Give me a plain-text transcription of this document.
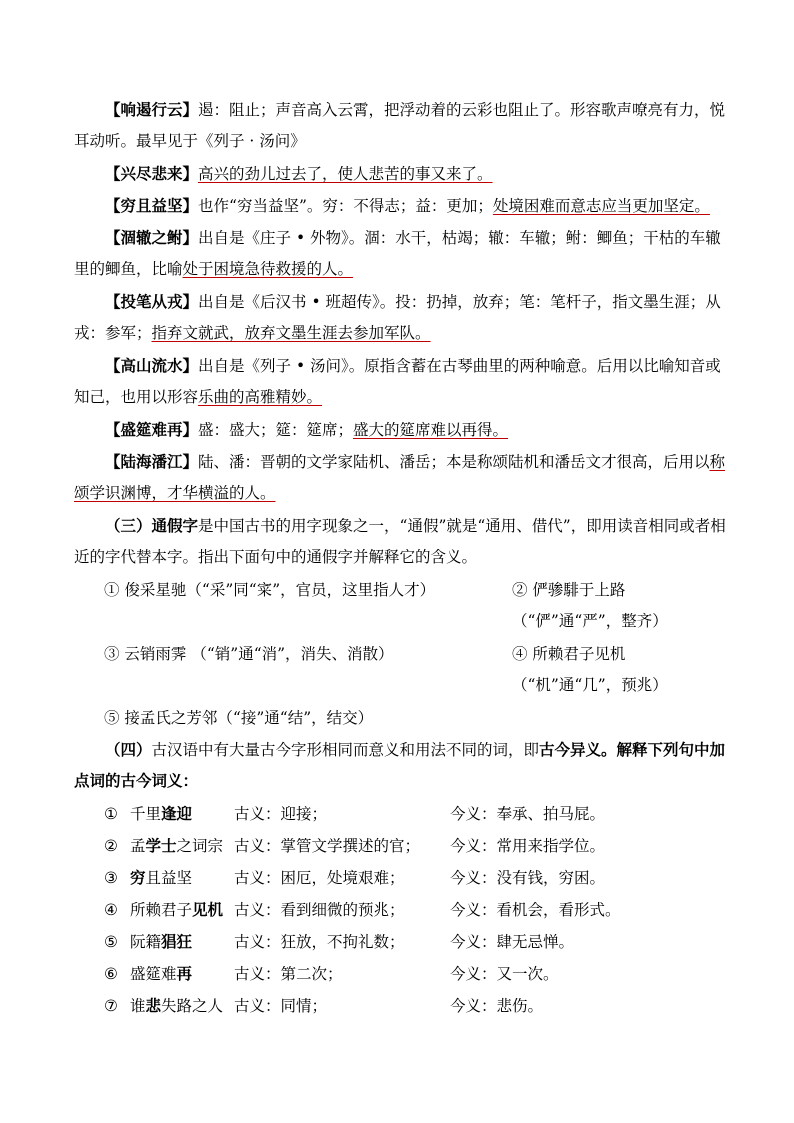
【响遏行云】遏：阻止；声音高入云霄，把浮动着的云彩也阻止了。形容歌声嘹亮有力，悦耳动听。最早见于《列子 · 汤问》
【兴尽悲来】高兴的劲儿过去了，使人悲苦的事又来了。
【穷且益坚】也作“穷当益坚”。穷：不得志；益：更加；处境困难而意志应当更加坚定。
【涸辙之鲋】出自是《庄子 • 外物》。涸：水干，枯竭；辙：车辙；鲋：鲫鱼；干枯的车辙里的鲫鱼，比喻处于困境急待救援的人。
【投笔从戎】出自是《后汉书 • 班超传》。投：扔掉，放弃；笔：笔杆子，指文墨生涯；从戎：参军；指弃文就武，放弃文墨生涯去参加军队。
【高山流水】出自是《列子 • 汤问》。原指含蓄在古琴曲里的两种喻意。后用以比喻知音或知己，也用以形容乐曲的高雅精妙。
【盛筵难再】盛：盛大；筵：筵席；盛大的筵席难以再得。
【陆海潘江】陆、潘：晋朝的文学家陆机、潘岳；本是称颂陆机和潘岳文才很高，后用以称颂学识渊博，才华横溢的人。
（三）通假字是中国古书的用字现象之一，“通假”就是“通用、借代”，即用读音相同或者相近的字代替本字。指出下面句中的通假字并解释它的含义。
① 俊采星驰（“采”同“寀”，官员，这里指人才）	② 俨骖騑于上路（“俨”通“严”，整齐）
③ 云销雨霁 （“销”通“消”，消失、消散）	④ 所赖君子见机 （“机”通“几”，预兆）
⑤ 接孟氏之芳邻（“接”通“结”，结交）
（四）古汉语中有大量古今字形相同而意义和用法不同的词，即古今异义。解释下列句中加点词的古今词义：
① 千里逢迎	古义：迎接；	今义：奉承、拍马屁。
② 孟学士之词宗 古义：掌管文学撰述的官； 今义：常用来指学位。
③ 穷且益坚	古义：困厄，处境艰难；	今义：没有钱，穷困。
④ 所赖君子见机 古义：看到细微的预兆；	今义：看机会，看形式。
⑤ 阮籍猖狂	古义：狂放，不拘礼数；	今义：肆无忌惮。
⑥ 盛筵难再	古义：第二次；	今义：又一次。
⑦ 谁悲失路之人 古义：同情；	今义：悲伤。
